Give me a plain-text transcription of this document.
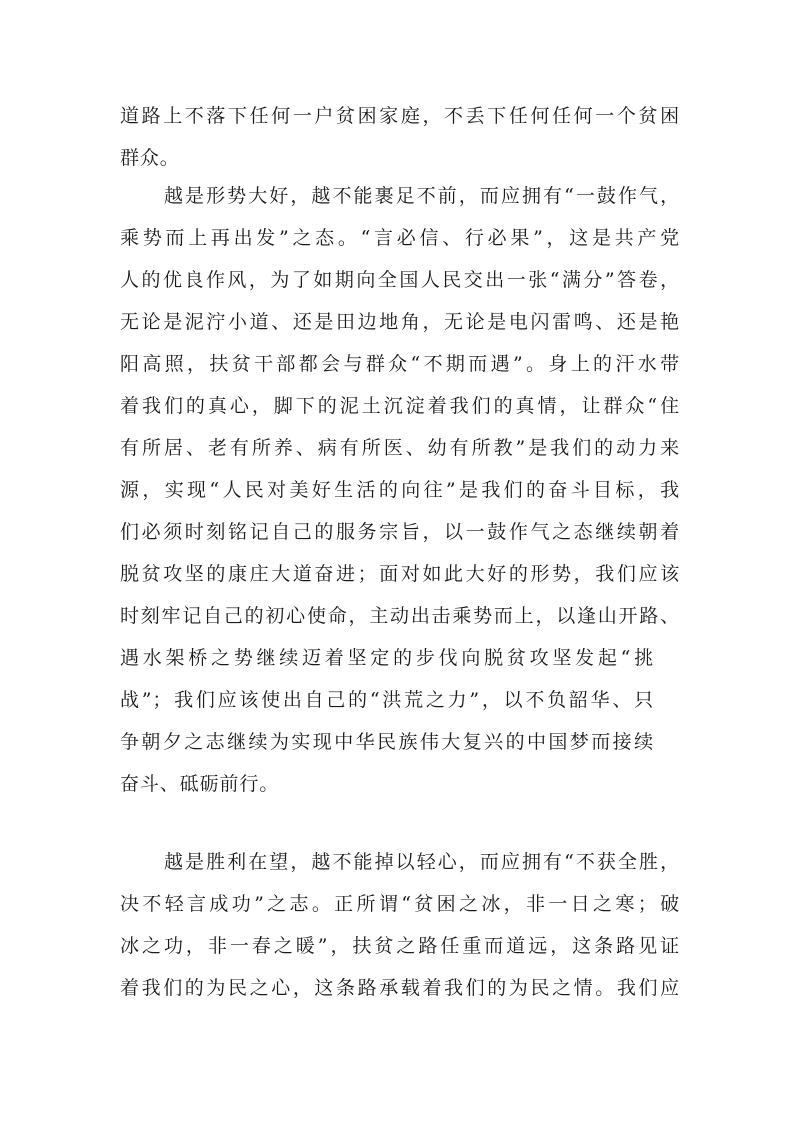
道路上不落下任何一户贫困家庭，不丢下任何任何一个贫困
群众。
越是形势大好，越不能裹足不前，而应拥有“一鼓作气，
乘势而上再出发”之态。“言必信、行必果”，这是共产党
人的优良作风，为了如期向全国人民交出一张“满分”答卷，
无论是泥泞小道、还是田边地角，无论是电闪雷鸣、还是艳
阳高照，扶贫干部都会与群众“不期而遇”。身上的汗水带
着我们的真心，脚下的泥土沉淀着我们的真情，让群众“住
有所居、老有所养、病有所医、幼有所教”是我们的动力来
源，实现“人民对美好生活的向往”是我们的奋斗目标，我
们必须时刻铭记自己的服务宗旨，以一鼓作气之态继续朝着
脱贫攻坚的康庄大道奋进；面对如此大好的形势，我们应该
时刻牢记自己的初心使命，主动出击乘势而上，以逢山开路、
遇水架桥之势继续迈着坚定的步伐向脱贫攻坚发起“挑
战”；我们应该使出自己的“洪荒之力”，以不负韶华、只
争朝夕之志继续为实现中华民族伟大复兴的中国梦而接续
奋斗、砥砺前行。
越是胜利在望，越不能掉以轻心，而应拥有“不获全胜，
决不轻言成功”之志。正所谓“贫困之冰，非一日之寒；破
冰之功，非一春之暖”，扶贫之路任重而道远，这条路见证
着我们的为民之心，这条路承载着我们的为民之情。我们应
